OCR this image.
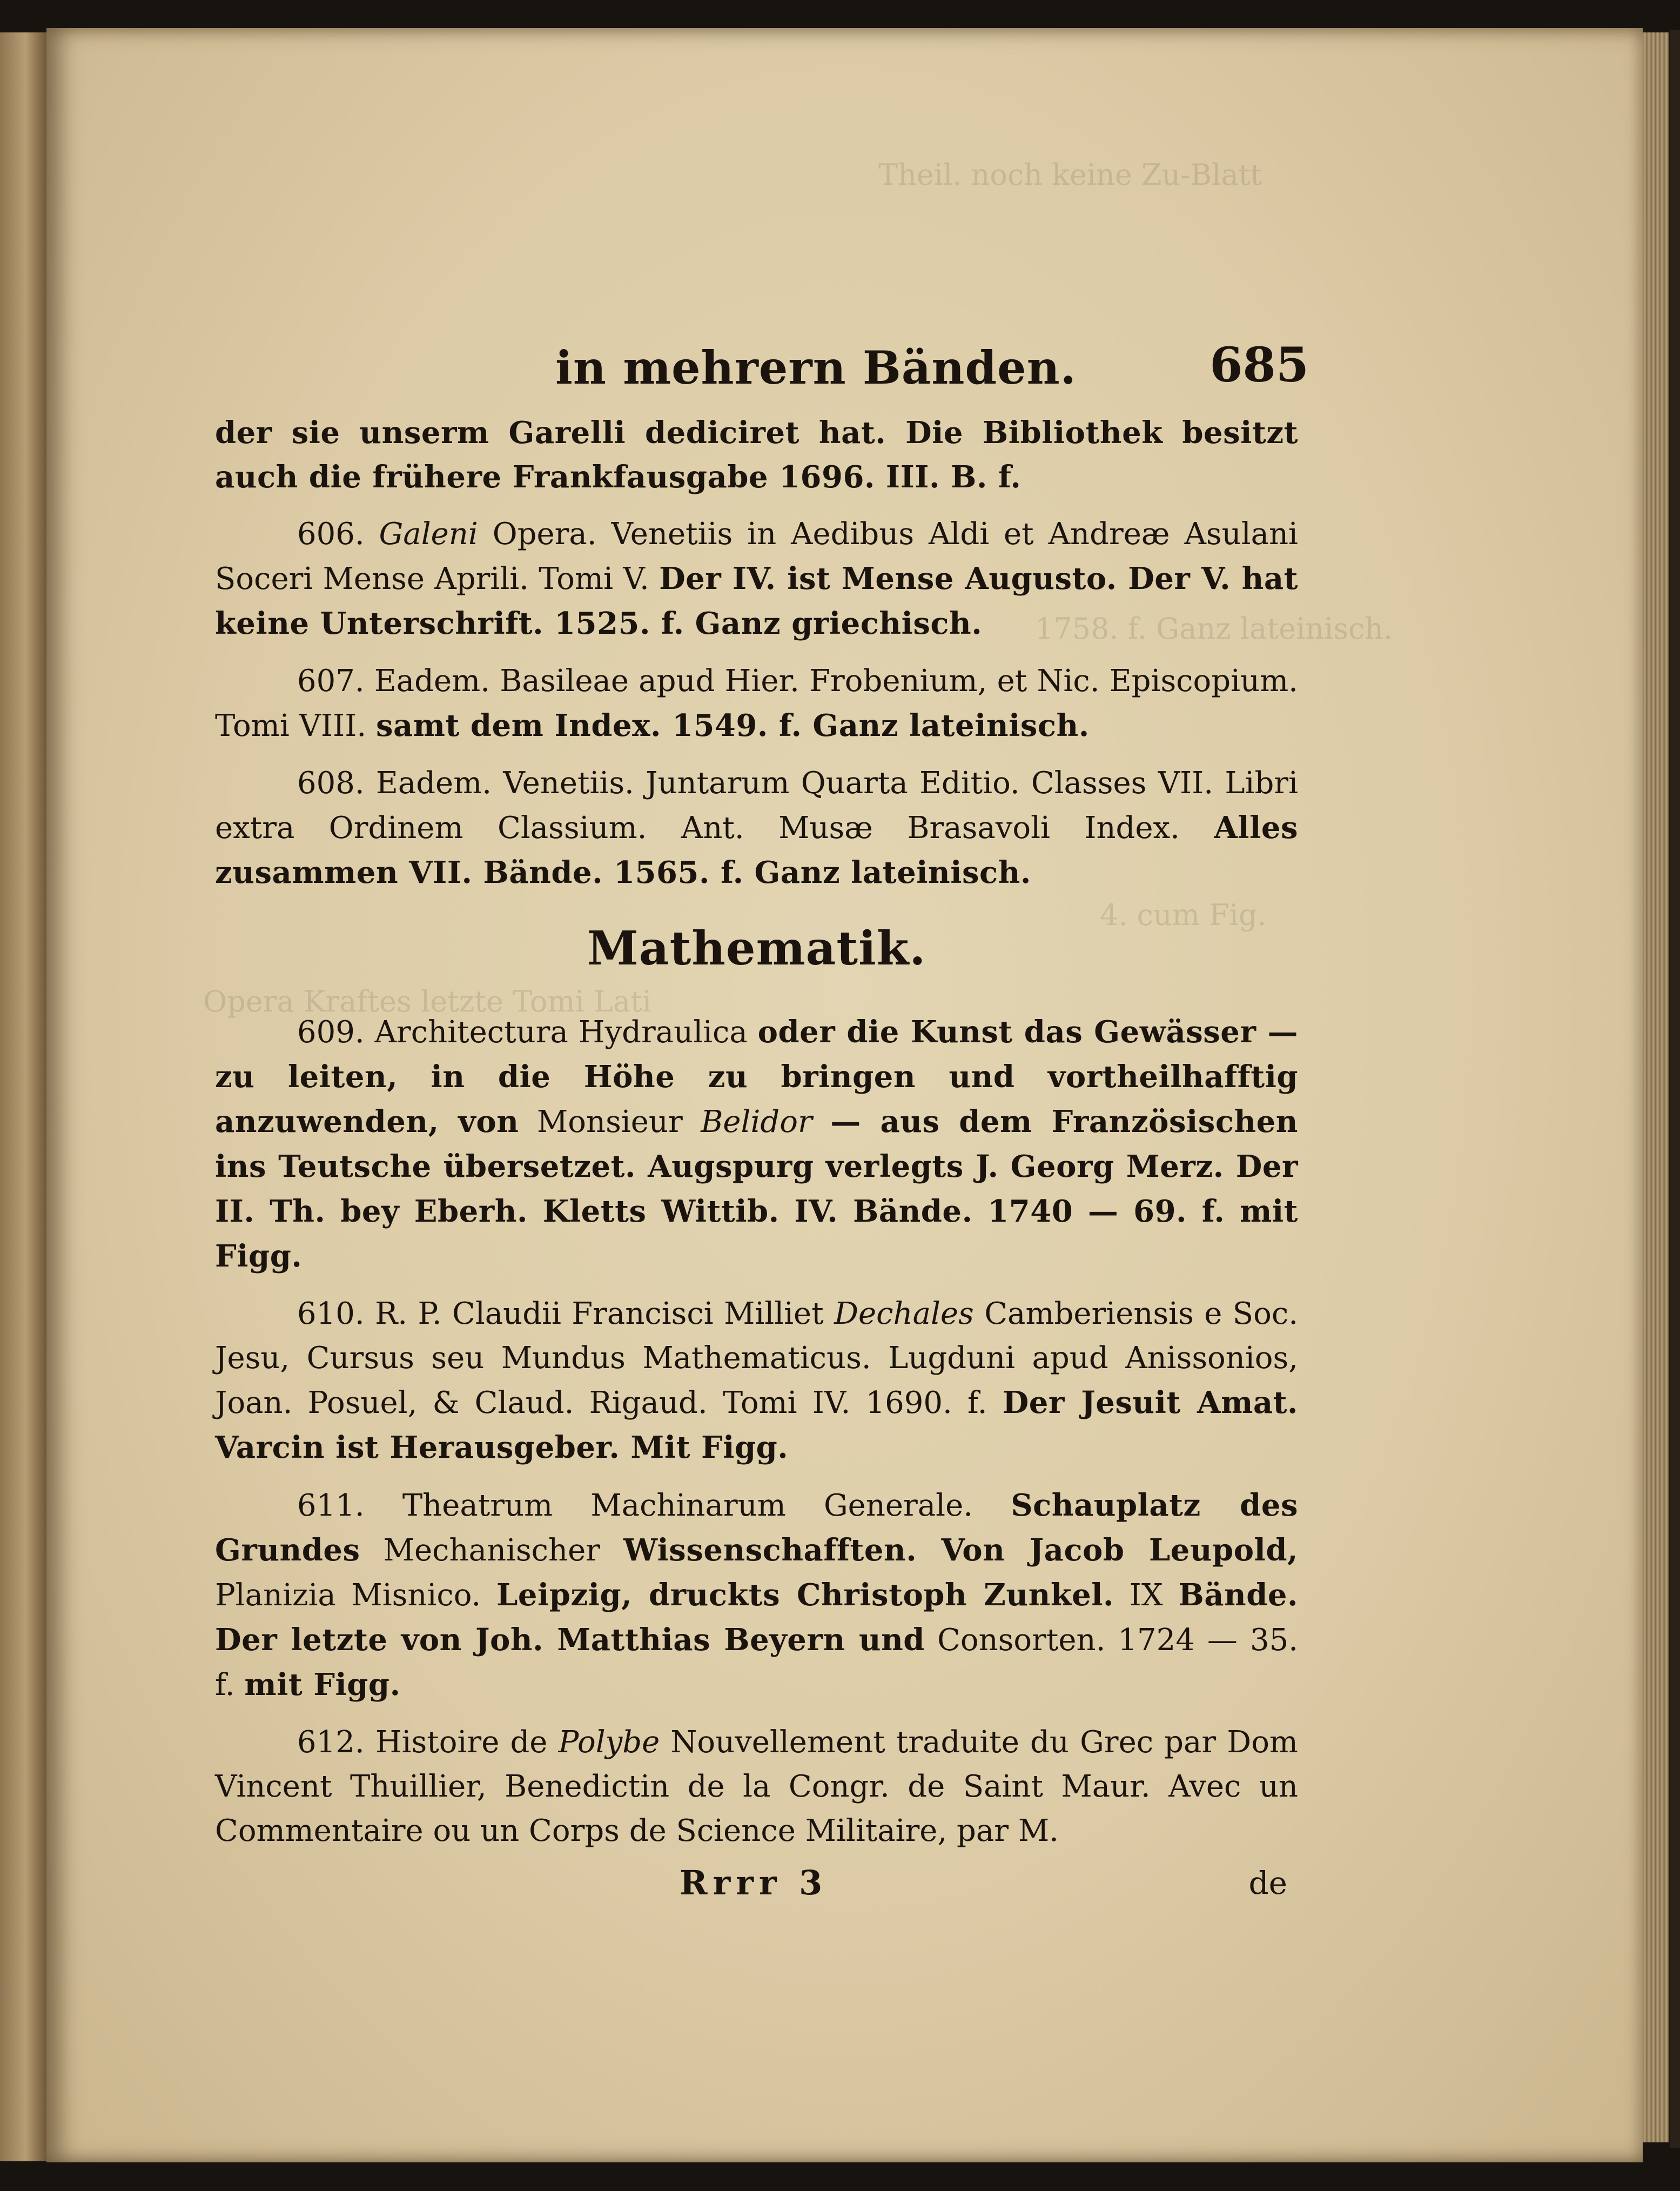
Theil. noch keine Zu-Blatt
1758. f. Ganz lateinisch.
4. cum Fig.
Opera Kraftes letzte Tomi Lati
in mehrern Bänden.	685

der sie unserm Garelli dediciret hat. Die Bibliothek besitzt auch die frühere Frankfausgabe 1696. III. B. f.

606. Galeni Opera. Venetiis in Aedibus Aldi et Andreæ Asulani Soceri Mense Aprili. Tomi V. Der IV. ist Mense Augusto. Der V. hat keine Unterschrift. 1525. f. Ganz griechisch.

607. Eadem. Basileae apud Hier. Frobenium, et Nic. Episcopium. Tomi VIII. samt dem Index. 1549. f. Ganz lateinisch.

608. Eadem. Venetiis. Juntarum Quarta Editio. Classes VII. Libri extra Ordinem Classium. Ant. Musæ Brasavoli Index. Alles zusammen VII. Bände. 1565. f. Ganz lateinisch.

Mathematik.

609. Architectura Hydraulica oder die Kunst das Gewässer — zu leiten, in die Höhe zu bringen und vortheilhafftig anzuwenden, von Monsieur Belidor — aus dem Französischen ins Teutsche übersetzet. Augspurg verlegts J. Georg Merz. Der II. Th. bey Eberh. Kletts Wittib. IV. Bände. 1740 — 69. f. mit Figg.

610. R. P. Claudii Francisci Milliet Dechales Camberiensis e Soc. Jesu, Cursus seu Mundus Mathematicus. Lugduni apud Anissonios, Joan. Posuel, & Claud. Rigaud. Tomi IV. 1690. f. Der Jesuit Amat. Varcin ist Herausgeber. Mit Figg.

611. Theatrum Machinarum Generale. Schauplatz des Grundes Mechanischer Wissenschafften. Von Jacob Leupold, Planizia Misnico. Leipzig, druckts Christoph Zunkel. IX Bände. Der letzte von Joh. Matthias Beyern und Consorten. 1724 — 35. f. mit Figg.

612. Histoire de Polybe Nouvellement traduite du Grec par Dom Vincent Thuillier, Benedictin de la Congr. de Saint Maur. Avec un Commentaire ou un Corps de Science Militaire, par M.

Rrrr 3	de
